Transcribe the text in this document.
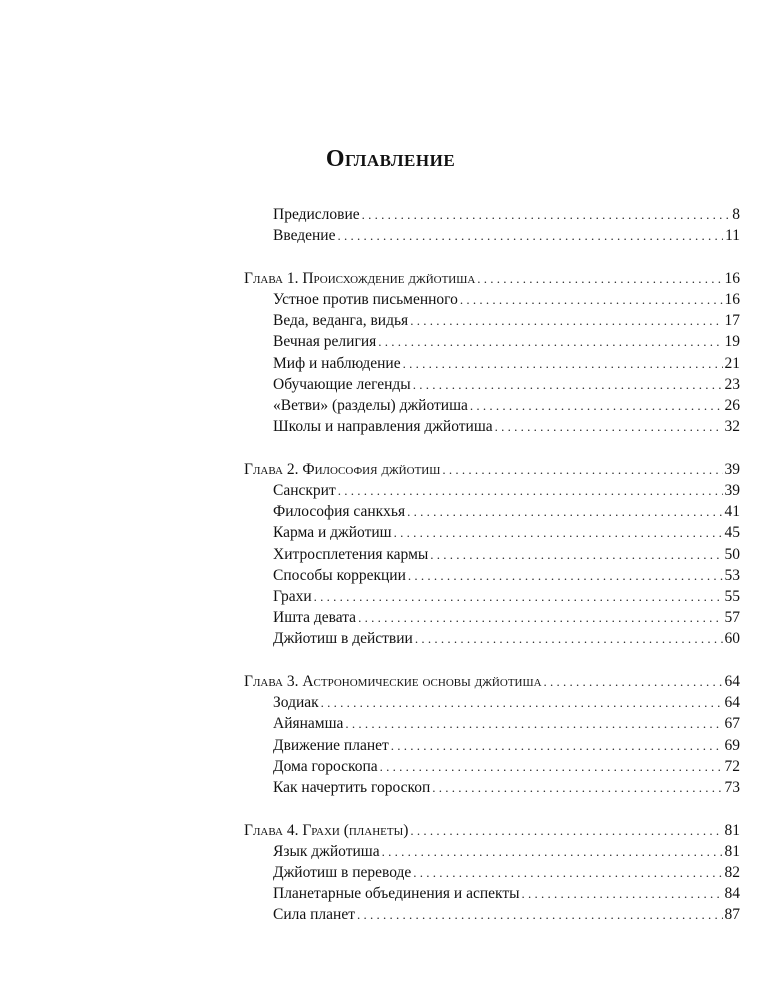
Оглавление
Предисловие . . .	8
Введение . . .	11
Глава 1. Происхождение джйотиша . . .	16
Устное против письменного . . .	16
Веда, веданга, видья . . .	17
Вечная религия . . .	19
Миф и наблюдение . . .	21
Обучающие легенды . . .	23
«Ветви» (разделы) джйотиша . . .	26
Школы и направления джйотиша . . .	32
Глава 2. Философия джйотиш . . .	39
Санскрит . . .	39
Философия санкхья . . .	41
Карма и джйотиш . . .	45
Хитросплетения кармы . . .	50
Способы коррекции . . .	53
Грахи . . .	55
Ишта девата . . .	57
Джйотиш в действии . . .	60
Глава 3. Астрономические основы джйотиша . . .	64
Зодиак . . .	64
Айянамша . . .	67
Движение планет . . .	69
Дома гороскопа . . .	72
Как начертить гороскоп . . .	73
Глава 4. Грахи (планеты) . . .	81
Язык джйотиша . . .	81
Джйотиш в переводе . . .	82
Планетарные объединения и аспекты . . .	84
Сила планет . . .	87
